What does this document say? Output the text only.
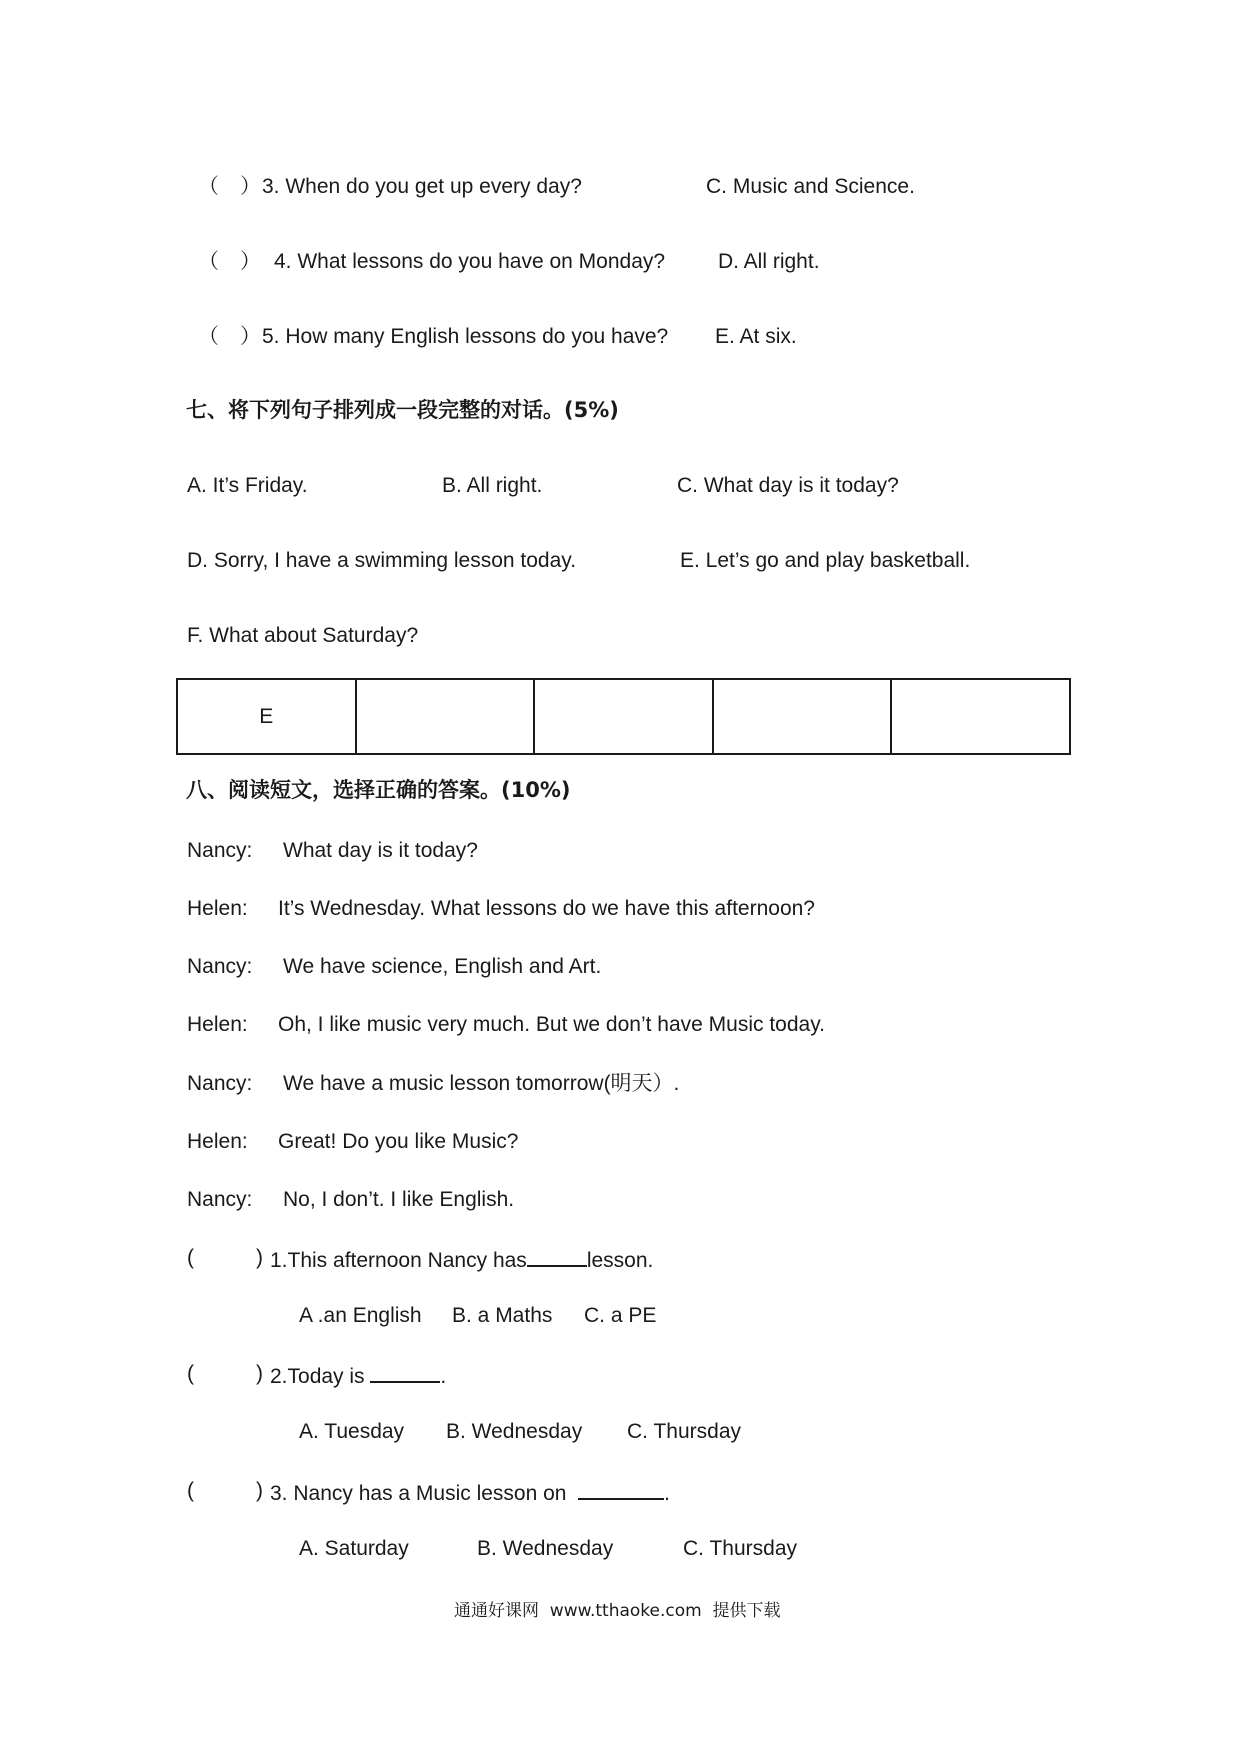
（　） 3. When do you get up every day?	C. Music and Science.
（　） 4. What lessons do you have on Monday?	D. All right.
（　） 5. How many English lessons do you have? E. At six.
七、将下列句子排列成一段完整的对话。(5%)
A. It’s Friday.	B. All right.	C. What day is it today?
D. Sorry, I have a swimming lesson today.	E. Let’s go and play basketball.
F. What about Saturday?
E				
八、阅读短文，选择正确的答案。(10%)
Nancy: What day is it today?
Helen: It’s Wednesday. What lessons do we have this afternoon?
Nancy: We have science, English and Art.
Helen: Oh, I like music very much. But we don’t have Music today.
Nancy: We have a music lesson tomorrow(明天）.
Helen: Great! Do you like Music?
Nancy: No, I don’t. I like English.
(	) 1.This afternoon Nancy has	lesson.
A .an English B. a Maths C. a PE
(	) 2.Today is	.
A. Tuesday B. Wednesday C. Thursday
(	) 3. Nancy has a Music lesson on	.
A. Saturday	B. Wednesday	C. Thursday
通通好课网  www.tthaoke.com  提供下载
